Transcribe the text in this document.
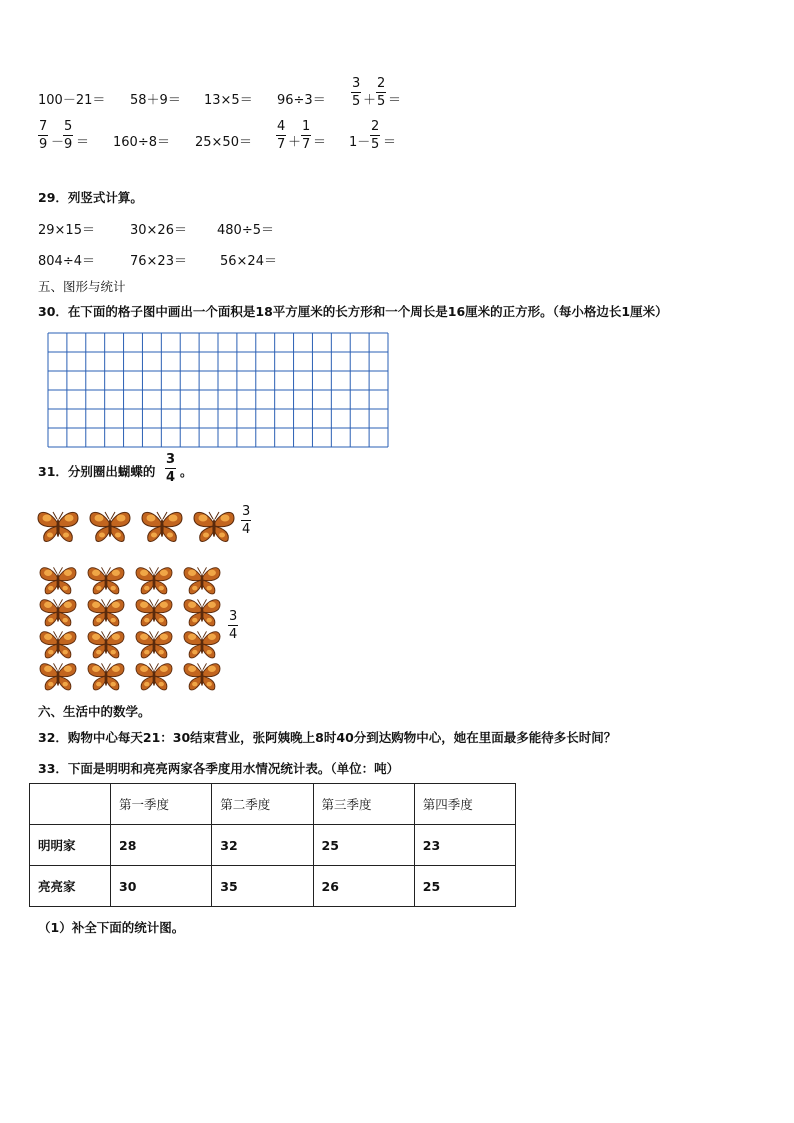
100－21＝ 58＋9＝ 13×5＝ 96÷3＝
3
5 ＋
2
5 ＝
7
9 －
5
9 ＝ 160÷8＝ 25×50＝
4
7 ＋
1
7 ＝ 1－
2
5 ＝
29．列竖式计算。
29×15＝	30×26＝ 480÷5＝
804÷4＝	76×23＝	56×24＝
五、图形与统计
30．在下面的格子图中画出一个面积是18平方厘米的长方形和一个周长是16厘米的正方形。（每小格边长1厘米）
31．分别圈出蝴蝶的
3
4 。
3
4
3
4
六、生活中的数学。
32．购物中心每天21：30结束营业，张阿姨晚上8时40分到达购物中心，她在里面最多能待多长时间？
33．下面是明明和亮亮两家各季度用水情况统计表。（单位：吨）
	第一季度	第二季度	第三季度	第四季度
明明家	28	32	25	23
亮亮家	30	35	26	25
（1）补全下面的统计图。
